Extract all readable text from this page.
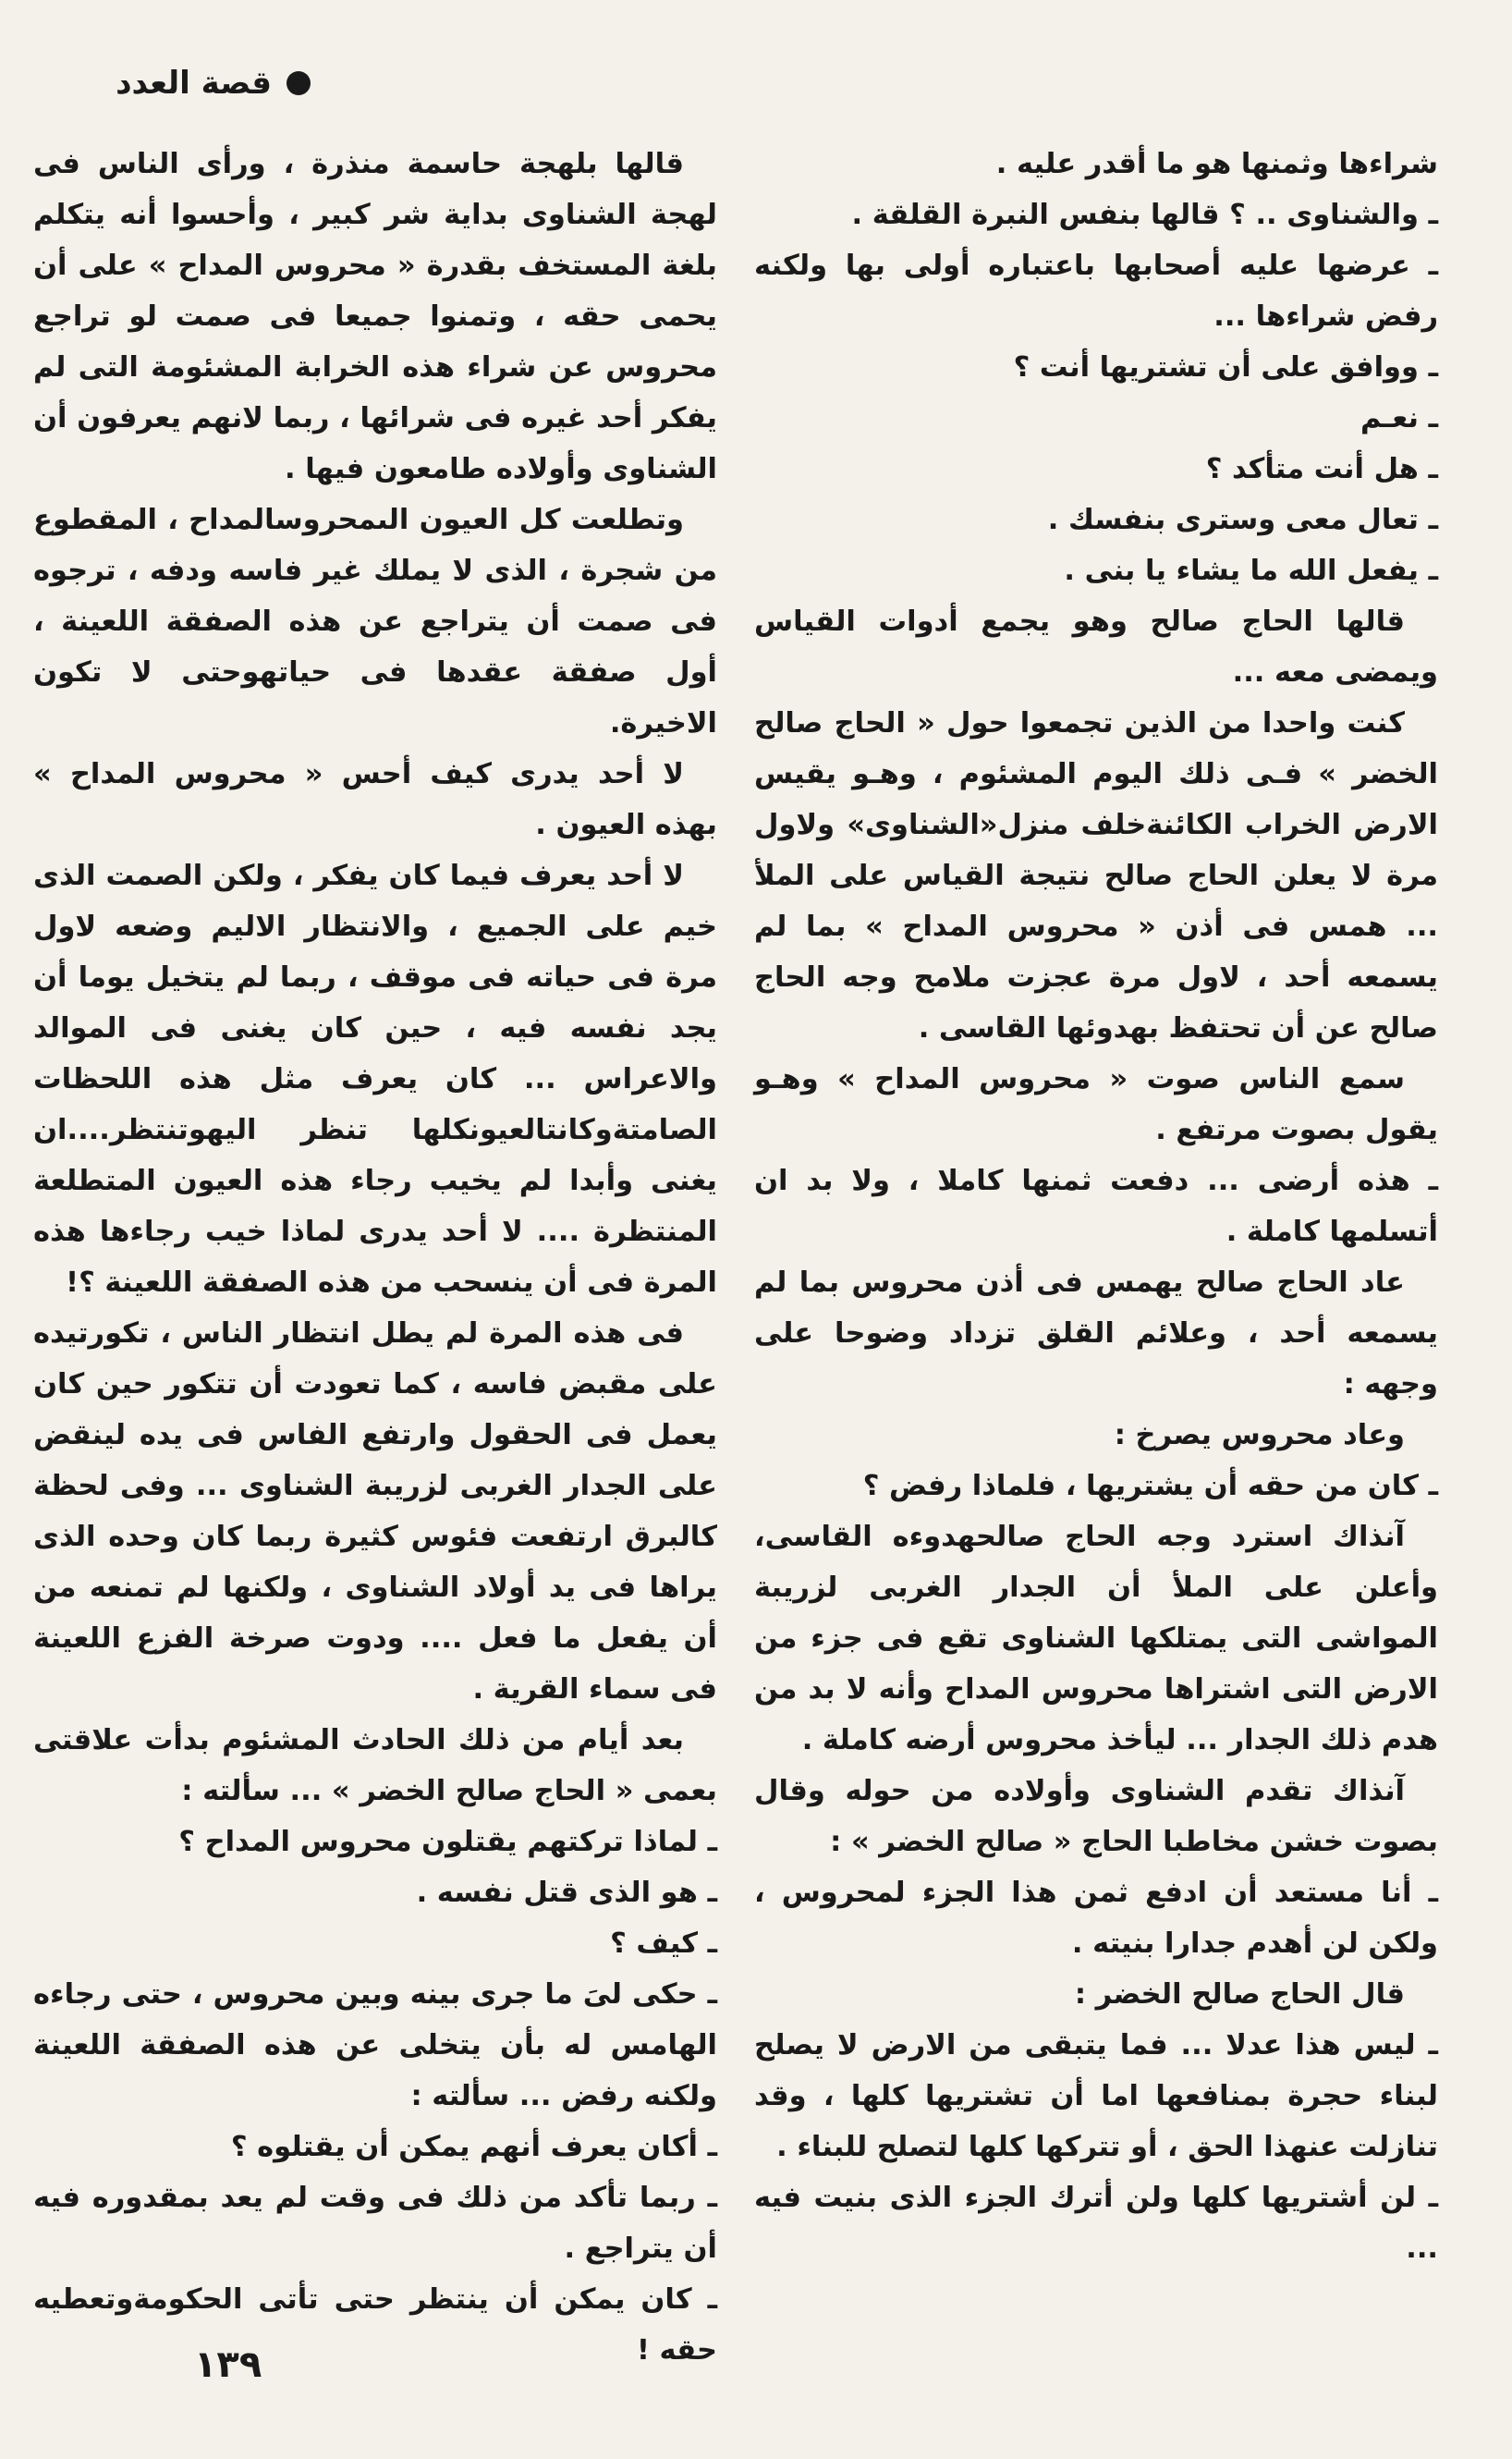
قصة العدد

شراءها وثمنها هو ما أقدر عليه .

ـ والشناوى .. ؟ قالها بنفس النبرة القلقة .

ـ عرضها عليه أصحابها باعتباره أولى بها ولكنه رفض شراءها ...

ـ ووافق على أن تشتريها أنت ؟

ـ نعـم

ـ هل أنت متأكد ؟

ـ تعال معى وسترى بنفسك .

ـ يفعل الله ما يشاء يا بنى .

قالها الحاج صالح وهو يجمع أدوات القياس ويمضى معه ...

كنت واحدا من الذين تجمعوا حول « الحاج صالح الخضر » فـى ذلك اليوم المشئوم ، وهـو يقيس الارض الخراب الكائنةخلف منزل«الشناوى» ولاول مرة لا يعلن الحاج صالح نتيجة القياس على الملأ ... همس فى أذن « محروس المداح » بما لم يسمعه أحد ، لاول مرة عجزت ملامح وجه الحاج صالح عن أن تحتفظ بهدوئها القاسى .

سمع الناس صوت « محروس المداح » وهـو يقول بصوت مرتفع .

ـ هذه أرضى ... دفعت ثمنها كاملا ، ولا بد ان أتسلمها كاملة .

عاد الحاج صالح يهمس فى أذن محروس بما لم يسمعه أحد ، وعلائم القلق تزداد وضوحا على وجهه :

وعاد محروس يصرخ :

ـ كان من حقه أن يشتريها ، فلماذا رفض ؟

آنذاك استرد وجه الحاج صالحهدوءه القاسى، وأعلن على الملأ أن الجدار الغربى لزريبة المواشى التى يمتلكها الشناوى تقع فى جزء من الارض التى اشتراها محروس المداح وأنه لا بد من هدم ذلك الجدار ... ليأخذ محروس أرضه كاملة .

آنذاك تقدم الشناوى وأولاده من حوله وقال بصوت خشن مخاطبا الحاج « صالح الخضر » :

ـ أنا مستعد أن ادفع ثمن هذا الجزء لمحروس ، ولكن لن أهدم جدارا بنيته .

قال الحاج صالح الخضر :

ـ ليس هذا عدلا ... فما يتبقى من الارض لا يصلح لبناء حجرة بمنافعها اما أن تشتريها كلها ، وقد تنازلت عنهذا الحق ، أو تتركها كلها لتصلح للبناء .

ـ لن أشتريها كلها ولن أترك الجزء الذى بنيت فيه ...

قالها بلهجة حاسمة منذرة ، ورأى الناس فى لهجة الشناوى بداية شر كبير ، وأحسوا أنه يتكلم بلغة المستخف بقدرة « محروس المداح » على أن يحمى حقه ، وتمنوا جميعا فى صمت لو تراجع محروس عن شراء هذه الخرابة المشئومة التى لم يفكر أحد غيره فى شرائها ، ربما لانهم يعرفون أن الشناوى وأولاده طامعون فيها .

وتطلعت كل العيون الىمحروسالمداح ، المقطوع من شجرة ، الذى لا يملك غير فاسه ودفه ، ترجوه فى صمت أن يتراجع عن هذه الصفقة اللعينة ، أول صفقة عقدها فى حياتهوحتى لا تكون الاخيرة.

لا أحد يدرى كيف أحس « محروس المداح » بهذه العيون .

لا أحد يعرف فيما كان يفكر ، ولكن الصمت الذى خيم على الجميع ، والانتظار الاليم وضعه لاول مرة فى حياته فى موقف ، ربما لم يتخيل يوما أن يجد نفسه فيه ، حين كان يغنى فى الموالد والاعراس ... كان يعرف مثل هذه اللحظات الصامتةوكانتالعيونكلها تنظر اليهوتنتظر....ان يغنى وأبدا لم يخيب رجاء هذه العيون المتطلعة المنتظرة .... لا أحد يدرى لماذا خيب رجاءها هذه المرة فى أن ينسحب من هذه الصفقة اللعينة ؟!

فى هذه المرة لم يطل انتظار الناس ، تكورتيده على مقبض فاسه ، كما تعودت أن تتكور حين كان يعمل فى الحقول وارتفع الفاس فى يده لينقض على الجدار الغربى لزريبة الشناوى ... وفى لحظة كالبرق ارتفعت فئوس كثيرة ربما كان وحده الذى يراها فى يد أولاد الشناوى ، ولكنها لم تمنعه من أن يفعل ما فعل .... ودوت صرخة الفزع اللعينة فى سماء القرية .

بعد أيام من ذلك الحادث المشئوم بدأت علاقتى بعمى « الحاج صالح الخضر » ... سألته :

ـ لماذا تركتهم يقتلون محروس المداح ؟

ـ هو الذى قتل نفسه .

ـ كيف ؟

ـ حكى لىَ ما جرى بينه وبين محروس ، حتى رجاءه الهامس له بأن يتخلى عن هذه الصفقة اللعينة ولكنه رفض ... سألته :

ـ أكان يعرف أنهم يمكن أن يقتلوه ؟

ـ ربما تأكد من ذلك فى وقت لم يعد بمقدوره فيه أن يتراجع .

ـ كان يمكن أن ينتظر حتى تأتى الحكومةوتعطيه حقه !

١٣٩
